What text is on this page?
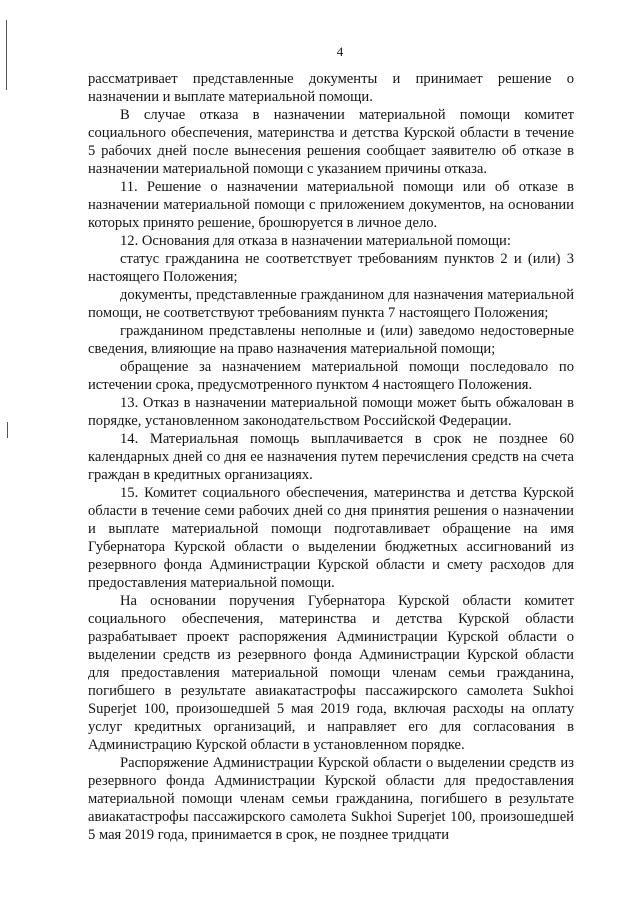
4

рассматривает представленные документы и принимает решение о назначении и выплате материальной помощи.

В случае отказа в назначении материальной помощи комитет социального обеспечения, материнства и детства Курской области в течение 5 рабочих дней после вынесения решения сообщает заявителю об отказе в назначении материальной помощи с указанием причины отказа.

11. Решение о назначении материальной помощи или об отказе в назначении материальной помощи с приложением документов, на основании которых принято решение, брошюруется в личное дело.

12. Основания для отказа в назначении материальной помощи:

статус гражданина не соответствует требованиям пунктов 2 и (или) 3 настоящего Положения;

документы, представленные гражданином для назначения материальной помощи, не соответствуют требованиям пункта 7 настоящего Положения;

гражданином представлены неполные и (или) заведомо недостоверные сведения, влияющие на право назначения материальной помощи;

обращение за назначением материальной помощи последовало по истечении срока, предусмотренного пунктом 4 настоящего Положения.

13. Отказ в назначении материальной помощи может быть обжалован в порядке, установленном законодательством Российской Федерации.

14. Материальная помощь выплачивается в срок не позднее 60 календарных дней со дня ее назначения путем перечисления средств на счета граждан в кредитных организациях.

15. Комитет социального обеспечения, материнства и детства Курской области в течение семи рабочих дней со дня принятия решения о назначении и выплате материальной помощи подготавливает обращение на имя Губернатора Курской области о выделении бюджетных ассигнований из резервного фонда Администрации Курской области и смету расходов для предоставления материальной помощи.

На основании поручения Губернатора Курской области комитет социального обеспечения, материнства и детства Курской области разрабатывает проект распоряжения Администрации Курской области о выделении средств из резервного фонда Администрации Курской области для предоставления материальной помощи членам семьи гражданина, погибшего в результате авиакатастрофы пассажирского самолета Sukhoi Superjet 100, произошедшей 5 мая 2019 года, включая расходы на оплату услуг кредитных организаций, и направляет его для согласования в Администрацию Курской области в установленном порядке.

Распоряжение Администрации Курской области о выделении средств из резервного фонда Администрации Курской области для предоставления материальной помощи членам семьи гражданина, погибшего в результате авиакатастрофы пассажирского самолета Sukhoi Superjet 100, произошедшей 5 мая 2019 года, принимается в срок, не позднее тридцати
